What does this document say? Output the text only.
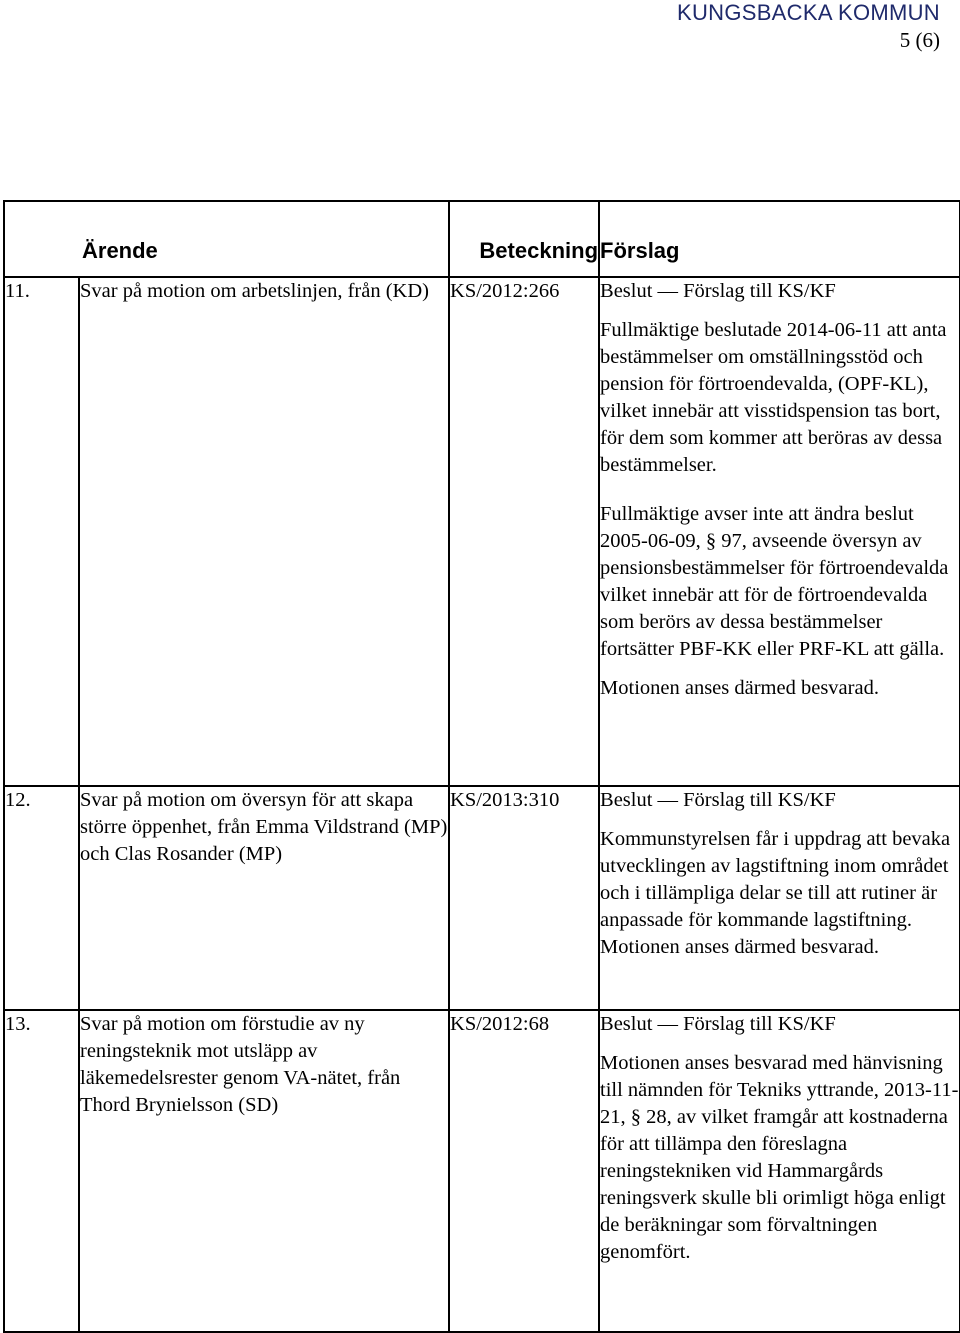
KUNGSBACKA KOMMUN
5 (6)
Ärende		Beteckning	Förslag
11.	Svar på motion om arbetslinjen, från (KD)	KS/2012:266	Beslut — Förslag till KS/KF
Fullmäktige beslutade 2014-06-11 att anta bestämmelser om omställningsstöd och pension för förtroendevalda, (OPF-KL), vilket innebär att visstidspension tas bort, för dem som kommer att beröras av dessa bestämmelser.
Fullmäktige avser inte att ändra beslut 2005-06-09, § 97, avseende översyn av pensionsbestämmelser för förtroendevalda vilket innebär att för de förtroendevalda som berörs av dessa bestämmelser fortsätter PBF-KK eller PRF-KL att gälla.
Motionen anses därmed besvarad.

12.	Svar på motion om översyn för att skapa större öppenhet, från Emma Vildstrand (MP) och Clas Rosander (MP)	KS/2013:310	Beslut — Förslag till KS/KF
Kommunstyrelsen får i uppdrag att bevaka utvecklingen av lagstiftning inom området och i tillämpliga delar se till att rutiner är anpassade för kommande lagstiftning.
Motionen anses därmed besvarad.

13.	Svar på motion om förstudie av ny reningsteknik mot utsläpp av läkemedelsrester genom VA-nätet, från Thord Brynielsson (SD)	KS/2012:68	Beslut — Förslag till KS/KF
Motionen anses besvarad med hänvisning till nämnden för Tekniks yttrande, 2013-11-21, § 28, av vilket framgår att kostnaderna för att tillämpa den föreslagna reningstekniken vid Hammargårds reningsverk skulle bli orimligt höga enligt de beräkningar som förvaltningen genomfört.
